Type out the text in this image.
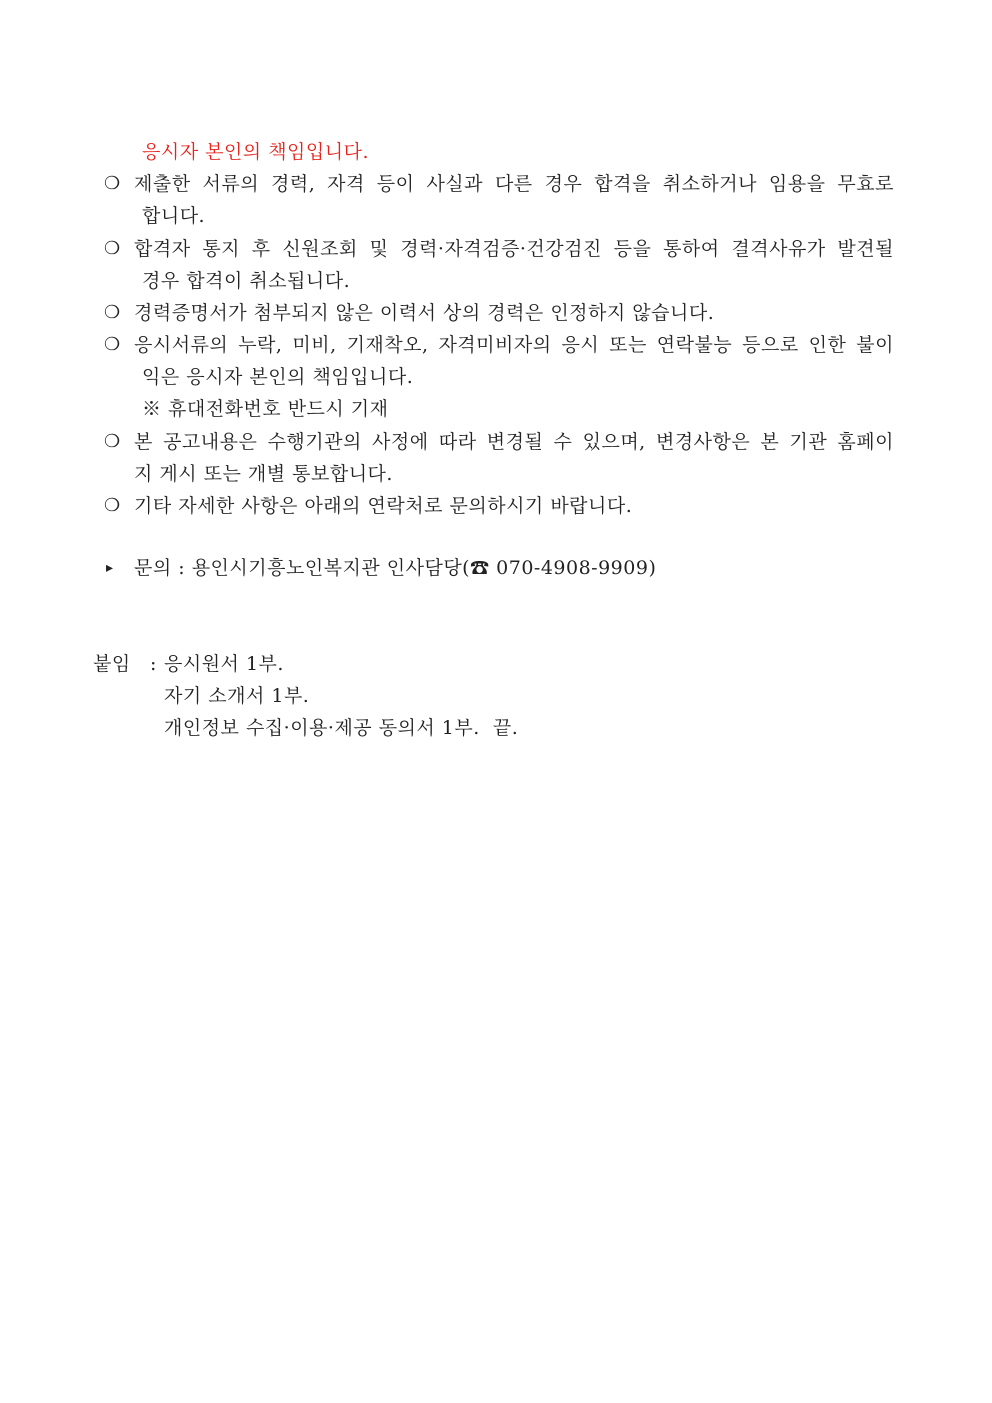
응시자 본인의 책임입니다.
❍ 제출한 서류의 경력, 자격 등이 사실과 다른 경우 합격을 취소하거나 임용을 무효로
합니다.
❍ 합격자 통지 후 신원조회 및 경력·자격검증·건강검진 등을 통하여 결격사유가 발견될
경우 합격이 취소됩니다.
❍ 경력증명서가 첨부되지 않은 이력서 상의 경력은 인정하지 않습니다.
❍ 응시서류의 누락, 미비, 기재착오, 자격미비자의 응시 또는 연락불능 등으로 인한 불이
익은 응시자 본인의 책임입니다.
※ 휴대전화번호 반드시 기재
❍ 본 공고내용은 수행기관의 사정에 따라 변경될 수 있으며, 변경사항은 본 기관 홈페이
지 게시 또는 개별 통보합니다.
❍ 기타 자세한 사항은 아래의 연락처로 문의하시기 바랍니다.
▸ 문의 : 용인시기흥노인복지관 인사담당(☎ 070-4908-9909)
붙임 : 응시원서 1부.
자기 소개서 1부.
개인정보 수집·이용·제공 동의서 1부.  끝.
